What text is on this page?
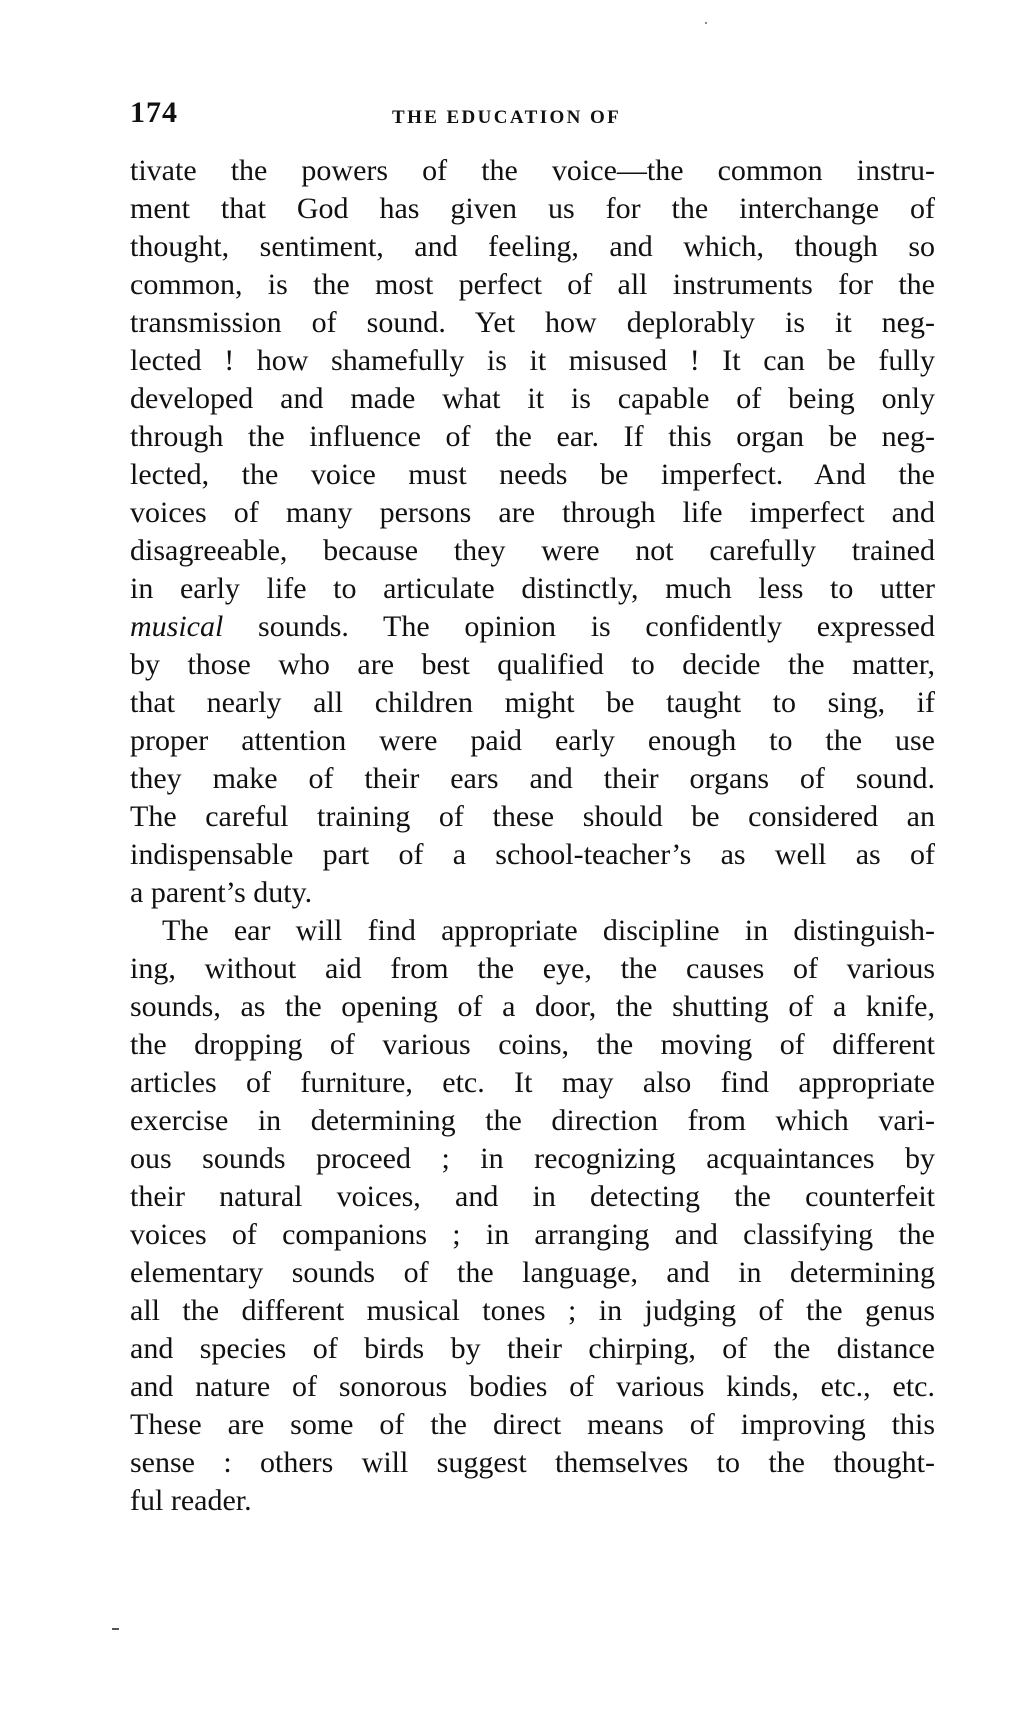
174	THE EDUCATION OF
tivate the powers of the voice—the common instru-
ment that God has given us for the interchange of
thought, sentiment, and feeling, and which, though so
common, is the most perfect of all instruments for the
transmission of sound. Yet how deplorably is it neg-
lected ! how shamefully is it misused ! It can be fully
developed and made what it is capable of being only
through the influence of the ear. If this organ be neg-
lected, the voice must needs be imperfect. And the
voices of many persons are through life imperfect and
disagreeable, because they were not carefully trained
in early life to articulate distinctly, much less to utter
musical sounds. The opinion is confidently expressed
by those who are best qualified to decide the matter,
that nearly all children might be taught to sing, if
proper attention were paid early enough to the use
they make of their ears and their organs of sound.
The careful training of these should be considered an
indispensable part of a school-teacher’s as well as of
a parent’s duty.
The ear will find appropriate discipline in distinguish-
ing, without aid from the eye, the causes of various
sounds, as the opening of a door, the shutting of a knife,
the dropping of various coins, the moving of different
articles of furniture, etc. It may also find appropriate
exercise in determining the direction from which vari-
ous sounds proceed ; in recognizing acquaintances by
their natural voices, and in detecting the counterfeit
voices of companions ; in arranging and classifying the
elementary sounds of the language, and in determining
all the different musical tones ; in judging of the genus
and species of birds by their chirping, of the distance
and nature of sonorous bodies of various kinds, etc., etc.
These are some of the direct means of improving this
sense : others will suggest themselves to the thought-
ful reader.
